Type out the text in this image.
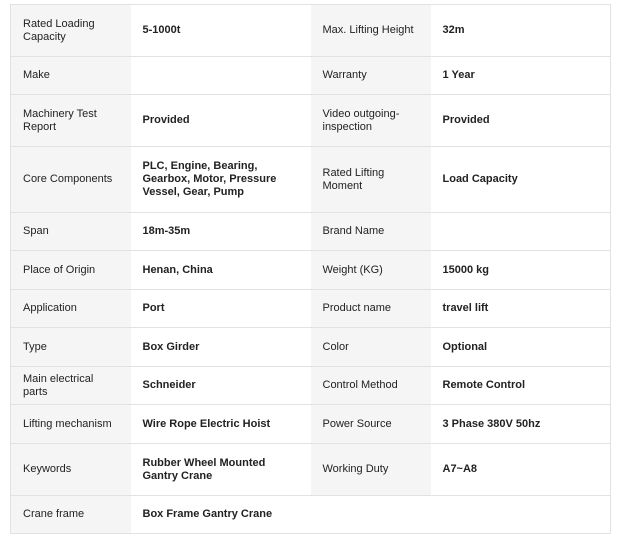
Rated Loading Capacity	5-1000t	Max. Lifting Height	32m
Make		Warranty	1 Year
Machinery Test Report	Provided	Video outgoing-inspection	Provided
Core Components	PLC, Engine, Bearing, Gearbox, Motor, Pressure Vessel, Gear, Pump	Rated Lifting Moment	Load Capacity
Span	18m-35m	Brand Name	
Place of Origin	Henan, China	Weight (KG)	15000 kg
Application	Port	Product name	travel lift
Type	Box Girder	Color	Optional
Main electrical parts	Schneider	Control Method	Remote Control
Lifting mechanism	Wire Rope Electric Hoist	Power Source	3 Phase 380V 50hz
Keywords	Rubber Wheel Mounted Gantry Crane	Working Duty	A7~A8
Crane frame	Box Frame Gantry Crane		
